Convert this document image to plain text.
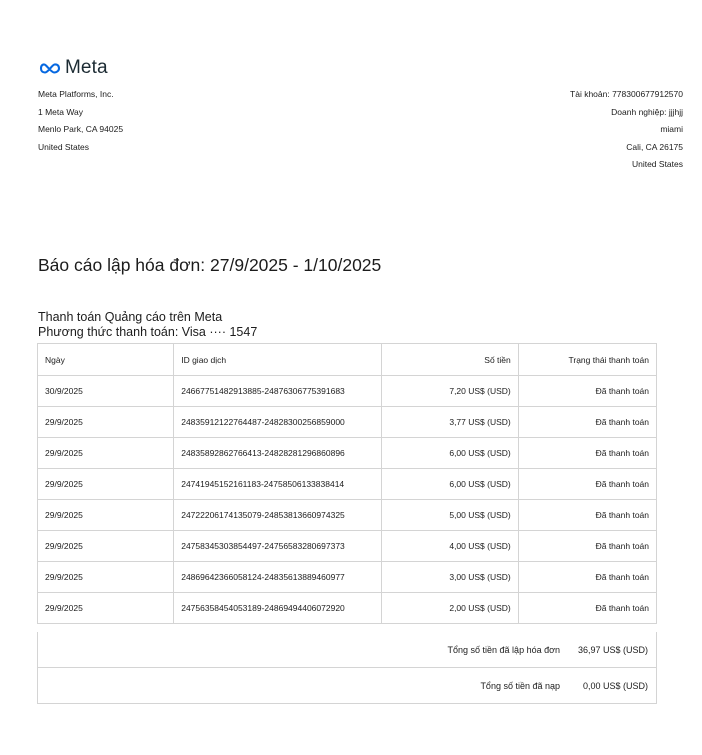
Meta
Meta Platforms, Inc.
1 Meta Way
Menlo Park, CA 94025
United States
Tài khoản: 778300677912570
Doanh nghiệp: jjjhjj
miami
Cali, CA 26175
United States
Báo cáo lập hóa đơn: 27/9/2025 - 1/10/2025
Thanh toán Quảng cáo trên Meta
Phương thức thanh toán: Visa ···· 1547
Ngày	ID giao dịch	Số tiền	Trạng thái thanh toán
30/9/2025	24667751482913885-24876306775391683	7,20 US$ (USD)	Đã thanh toán
29/9/2025	24835912122764487-24828300256859000	3,77 US$ (USD)	Đã thanh toán
29/9/2025	24835892862766413-24828281296860896	6,00 US$ (USD)	Đã thanh toán
29/9/2025	24741945152161183-24758506133838414	6,00 US$ (USD)	Đã thanh toán
29/9/2025	24722206174135079-24853813660974325	5,00 US$ (USD)	Đã thanh toán
29/9/2025	24758345303854497-24756583280697373	4,00 US$ (USD)	Đã thanh toán
29/9/2025	24869642366058124-24835613889460977	3,00 US$ (USD)	Đã thanh toán
29/9/2025	24756358454053189-24869494406072920	2,00 US$ (USD)	Đã thanh toán
Tổng số tiền đã lập hóa đơn	36,97 US$ (USD)
Tổng số tiền đã nạp	0,00 US$ (USD)
